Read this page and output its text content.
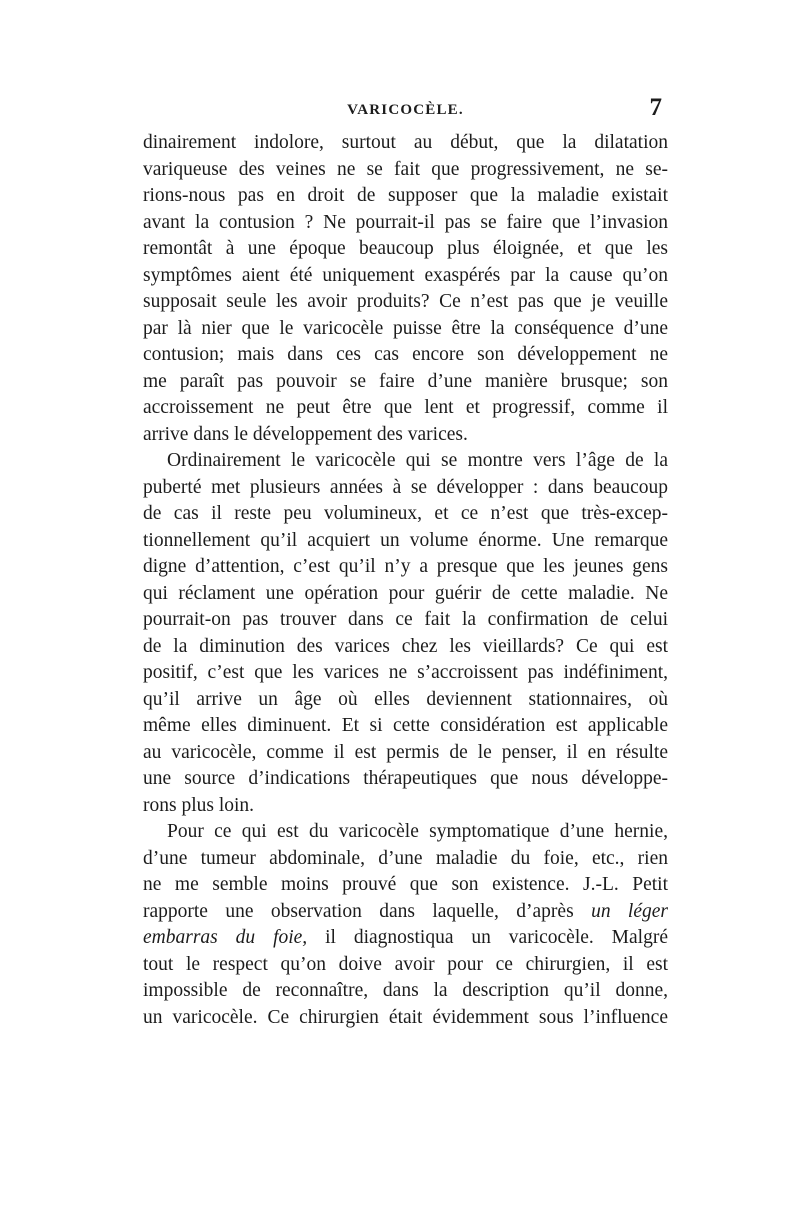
VARICOCÈLE.	7
dinairement indolore, surtout au début, que la dilatation
variqueuse des veines ne se fait que progressivement, ne se-
rions-nous pas en droit de supposer que la maladie existait
avant la contusion ? Ne pourrait-il pas se faire que l’invasion
remontât à une époque beaucoup plus éloignée, et que les
symptômes aient été uniquement exaspérés par la cause qu’on
supposait seule les avoir produits? Ce n’est pas que je veuille
par là nier que le varicocèle puisse être la conséquence d’une
contusion; mais dans ces cas encore son développement ne
me paraît pas pouvoir se faire d’une manière brusque; son
accroissement ne peut être que lent et progressif, comme il
arrive dans le développement des varices.
Ordinairement le varicocèle qui se montre vers l’âge de la
puberté met plusieurs années à se développer : dans beaucoup
de cas il reste peu volumineux, et ce n’est que très-excep-
tionnellement qu’il acquiert un volume énorme. Une remarque
digne d’attention, c’est qu’il n’y a presque que les jeunes gens
qui réclament une opération pour guérir de cette maladie. Ne
pourrait-on pas trouver dans ce fait la confirmation de celui
de la diminution des varices chez les vieillards? Ce qui est
positif, c’est que les varices ne s’accroissent pas indéfiniment,
qu’il arrive un âge où elles deviennent stationnaires, où
même elles diminuent. Et si cette considération est applicable
au varicocèle, comme il est permis de le penser, il en résulte
une source d’indications thérapeutiques que nous développe-
rons plus loin.
Pour ce qui est du varicocèle symptomatique d’une hernie,
d’une tumeur abdominale, d’une maladie du foie, etc., rien
ne me semble moins prouvé que son existence. J.-L. Petit
rapporte une observation dans laquelle, d’après un léger
embarras du foie, il diagnostiqua un varicocèle. Malgré
tout le respect qu’on doive avoir pour ce chirurgien, il est
impossible de reconnaître, dans la description qu’il donne,
un varicocèle. Ce chirurgien était évidemment sous l’influence
